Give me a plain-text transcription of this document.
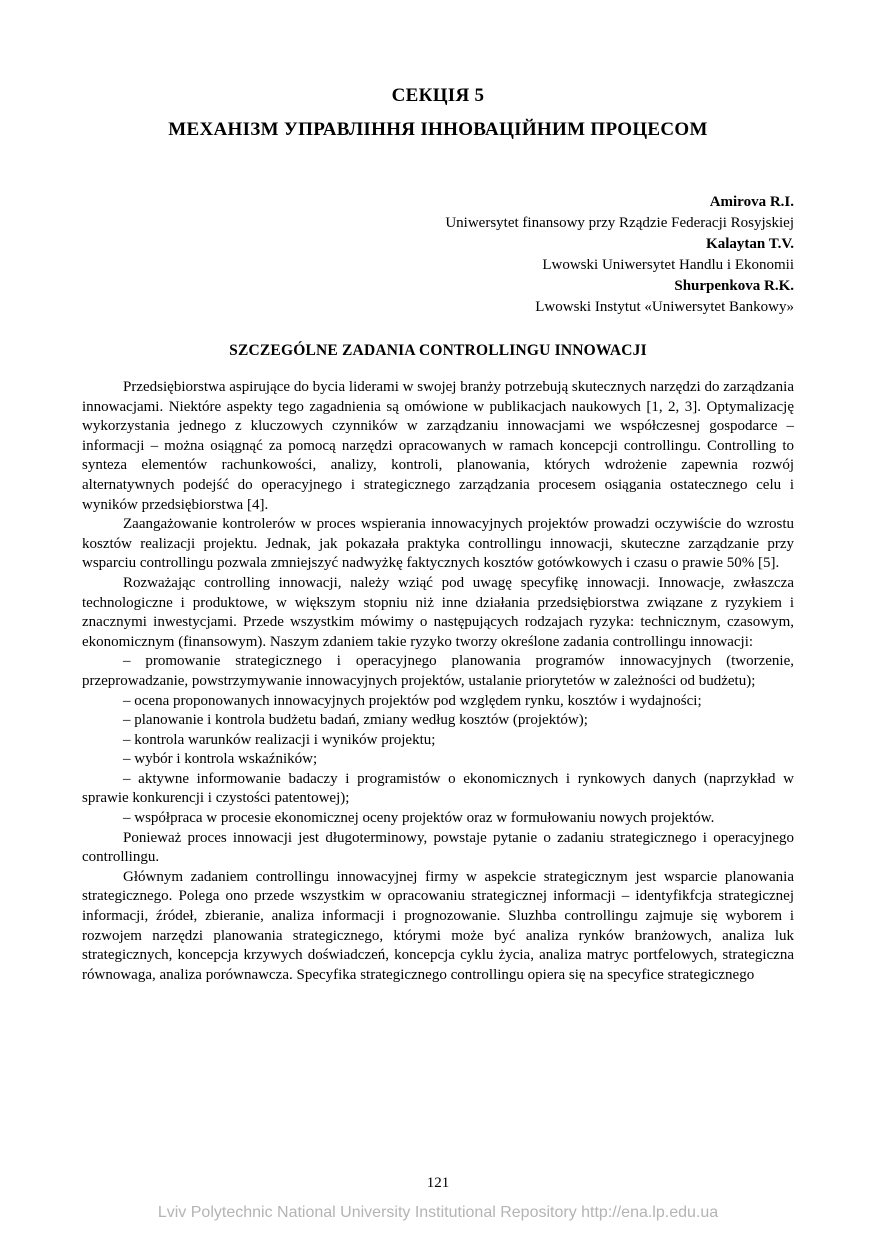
СЕКЦІЯ 5
МЕХАНІЗМ УПРАВЛІННЯ ІННОВАЦІЙНИМ ПРОЦЕСОМ
Amirova R.I.
Uniwersytet finansowy przy Rządzie Federacji Rosyjskiej
Kalaytan T.V.
Lwowski Uniwersytet Handlu i Ekonomii
Shurpenkova R.K.
Lwowski Instytut «Uniwersytet Bankowy»
SZCZEGÓLNE ZADANIA CONTROLLINGU INNOWACJI

Przedsiębiorstwa aspirujące do bycia liderami w swojej branży potrzebują skutecznych narzędzi do zarządzania innowacjami. Niektóre aspekty tego zagadnienia są omówione w publikacjach naukowych [1, 2, 3]. Optymalizację wykorzystania jednego z kluczowych czynników w zarządzaniu innowacjami we współczesnej gospodarce – informacji – można osiągnąć za pomocą narzędzi opracowanych w ramach koncepcji controllingu. Controlling to synteza elementów rachunkowości, analizy, kontroli, planowania, których wdrożenie zapewnia rozwój alternatywnych podejść do operacyjnego i strategicznego zarządzania procesem osiągania ostatecznego celu i wyników przedsiębiorstwa [4].

Zaangażowanie kontrolerów w proces wspierania innowacyjnych projektów prowadzi oczywiście do wzrostu kosztów realizacji projektu. Jednak, jak pokazała praktyka controllingu innowacji, skuteczne zarządzanie przy wsparciu controllingu pozwala zmniejszyć nadwyżkę faktycznych kosztów gotówkowych i czasu o prawie 50% [5].

Rozważając controlling innowacji, należy wziąć pod uwagę specyfikę innowacji. Innowacje, zwłaszcza technologiczne i produktowe, w większym stopniu niż inne działania przedsiębiorstwa związane z ryzykiem i znacznymi inwestycjami. Przede wszystkim mówimy o następujących rodzajach ryzyka: technicznym, czasowym, ekonomicznym (finansowym). Naszym zdaniem takie ryzyko tworzy określone zadania controllingu innowacji:

– promowanie strategicznego i operacyjnego planowania programów innowacyjnych (tworzenie, przeprowadzanie, powstrzymywanie innowacyjnych projektów, ustalanie priorytetów w zależności od budżetu);

– ocena proponowanych innowacyjnych projektów pod względem rynku, kosztów i wydajności;

– planowanie i kontrola budżetu badań, zmiany według kosztów (projektów);

– kontrola warunków realizacji i wyników projektu;

– wybór i kontrola wskaźników;

– aktywne informowanie badaczy i programistów o ekonomicznych i rynkowych danych (naprzykład w sprawie konkurencji i czystości patentowej);

– współpraca w procesie ekonomicznej oceny projektów oraz w formułowaniu nowych projektów.

Ponieważ proces innowacji jest długoterminowy, powstaje pytanie o zadaniu strategicznego i operacyjnego controllingu.

Głównym zadaniem controllingu innowacyjnej firmy w aspekcie strategicznym jest wsparcie planowania strategicznego. Polega ono przede wszystkim w opracowaniu strategicznej informacji – identyfikfcja strategicznej informacji, źródeł, zbieranie, analiza informacji i prognozowanie. Sluzhba controllingu zajmuje się wyborem i rozwojem narzędzi planowania strategicznego, którymi może być analiza rynków branżowych, analiza luk strategicznych, koncepcja krzywych doświadczeń, koncepcja cyklu życia, analiza matryc portfelowych, strategiczna równowaga, analiza porównawcza. Specyfika strategicznego controllingu opiera się na specyfice strategicznego

121
Lviv Polytechnic National University Institutional Repository http://ena.lp.edu.ua
